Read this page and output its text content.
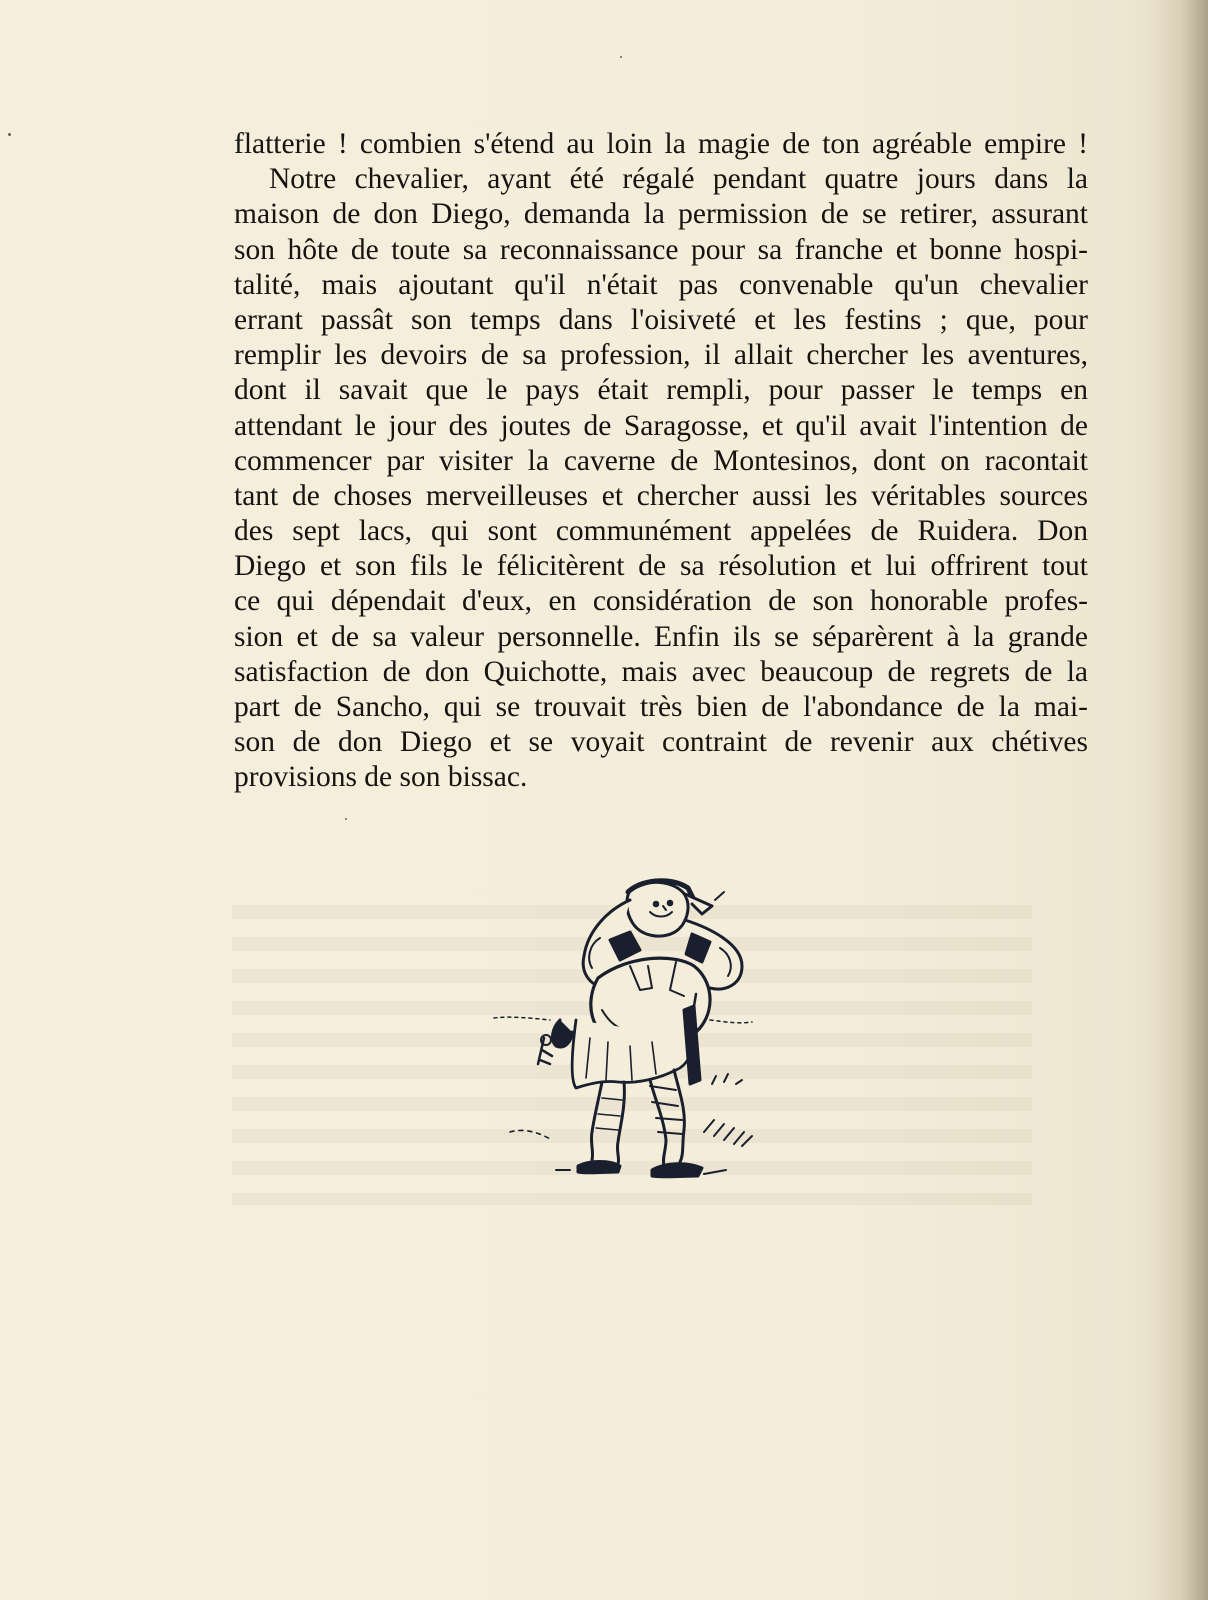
flatterie ! combien s'étend au loin la magie de ton agréable empire !
Notre chevalier, ayant été régalé pendant quatre jours dans la
maison de don Diego, demanda la permission de se retirer, assurant
son hôte de toute sa reconnaissance pour sa franche et bonne hospi-
talité, mais ajoutant qu'il n'était pas convenable qu'un chevalier
errant passât son temps dans l'oisiveté et les festins ; que, pour
remplir les devoirs de sa profession, il allait chercher les aventures,
dont il savait que le pays était rempli, pour passer le temps en
attendant le jour des joutes de Saragosse, et qu'il avait l'intention de
commencer par visiter la caverne de Montesinos, dont on racontait
tant de choses merveilleuses et chercher aussi les véritables sources
des sept lacs, qui sont communément appelées de Ruidera. Don
Diego et son fils le félicitèrent de sa résolution et lui offrirent tout
ce qui dépendait d'eux, en considération de son honorable profes-
sion et de sa valeur personnelle. Enfin ils se séparèrent à la grande
satisfaction de don Quichotte, mais avec beaucoup de regrets de la
part de Sancho, qui se trouvait très bien de l'abondance de la mai-
son de don Diego et se voyait contraint de revenir aux chétives
provisions de son bissac.
